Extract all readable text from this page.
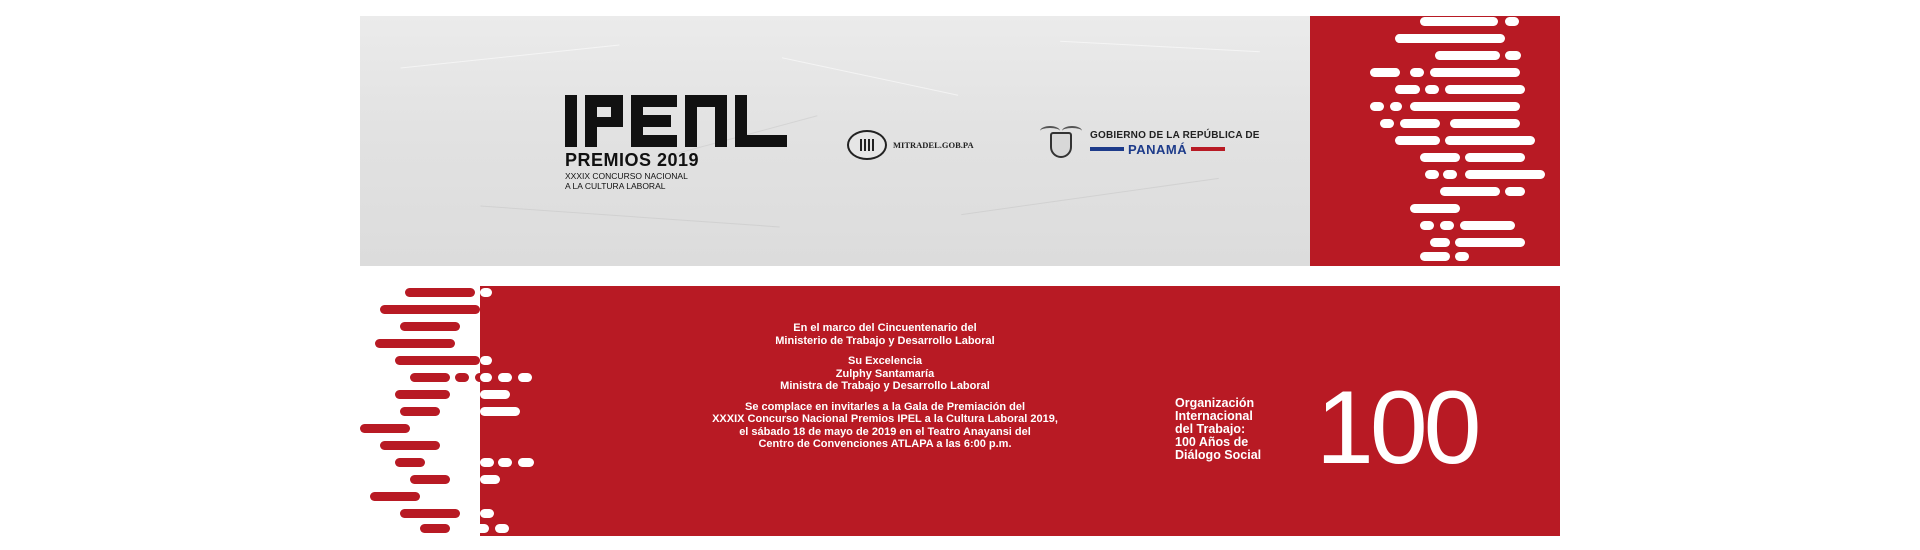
PREMIOS 2019
XXXIX CONCURSO NACIONAL
A LA CULTURA LABORAL
MITRADEL.GOB.PA
GOBIERNO DE LA REPÚBLICA DE
PANAMÁ

En el marco del Cincuentenario del
Ministerio de Trabajo y Desarrollo Laboral

Su Excelencia
Zulphy Santamaría
Ministra de Trabajo y Desarrollo Laboral

Se complace en invitarles a la Gala de Premiación del
XXXIX Concurso Nacional Premios IPEL a la Cultura Laboral 2019,
el sábado 18 de mayo de 2019 en el Teatro Anayansi del
Centro de Convenciones ATLAPA a las 6:00 p.m.

Organización
Internacional
del Trabajo:
100 Años de
Diálogo Social 100
